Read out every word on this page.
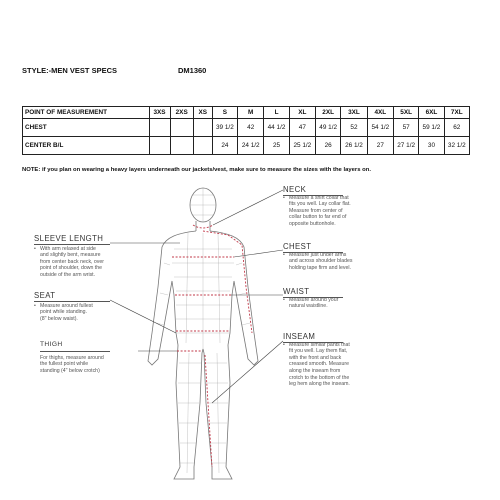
STYLE:-MEN VEST SPECS	DM1360
POINT OF MEASUREMENT	3XS	2XS	XS	S	M	L	XL	2XL	3XL	4XL	5XL	6XL	7XL
CHEST				39 1/2	42	44 1/2	47	49 1/2	52	54 1/2	57	59 1/2	62
CENTER B/L				24	24 1/2	25	25 1/2	26	26 1/2	27	27 1/2	30	32 1/2
NOTE: if you plan on wearing a heavy layers underneath our jackets/vest, make sure to measure the sizes with the layers on.
NECK
• Measure a shirt collar that
fits you well. Lay collar flat.
Measure from center of
collar button to far end of
opposite buttonhole.
CHEST
• Measure just under arms
and across shoulder blades
holding tape firm and level.
WAIST
• Measure around your
natural waistline.
INSEAM
• Measure similar pants that
fit you well. Lay them flat,
with the front and back
creased smooth. Measure
along the inseam from
crotch to the bottom of the
leg hem along the inseam.
SLEEVE LENGTH
• With arm relaxed at side
and slightly bent, measure
from center back neck, over
point of shoulder, down the
outside of the arm wrist.
SEAT
• Measure around fullest
point while standing.
(8" below waist).
THIGH
For thighs, measure around
the fullest point while
standing (4" below crotch)
